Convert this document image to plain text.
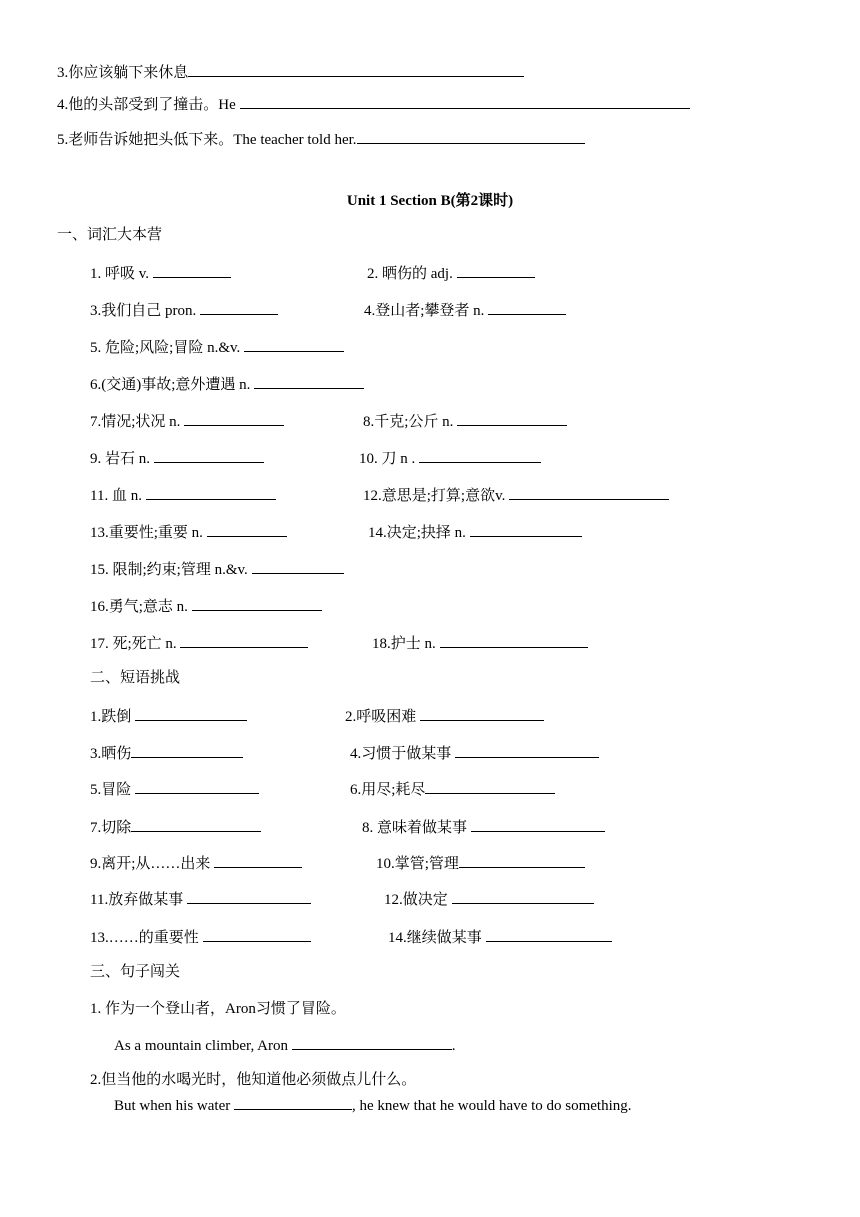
3.你应该躺下来休息
4.他的头部受到了撞击。He
5.老师告诉她把头低下来。The teacher told her.
Unit 1 Section B(第2课时)
一、词汇大本营
1. 呼吸 v.	2. 晒伤的 adj.
3.我们自己 pron.	4.登山者;攀登者 n.
5. 危险;风险;冒险 n.&v.
6.(交通)事故;意外遭遇 n.
7.情况;状况 n.	8.千克;公斤 n.
9. 岩石 n.	10. 刀 n .
11. 血 n.	12.意思是;打算;意欲v.
13.重要性;重要 n.	14.决定;抉择 n.
15. 限制;约束;管理 n.&v.
16.勇气;意志 n.
17. 死;死亡 n.	18.护士 n.
二、短语挑战
1.跌倒	2.呼吸困难
3.晒伤	4.习惯于做某事
5.冒险	6.用尽;耗尽
7.切除	8. 意味着做某事
9.离开;从……出来	10.掌管;管理
11.放弃做某事	12.做决定
13.……的重要性	14.继续做某事
三、句子闯关
1. 作为一个登山者，Aron习惯了冒险。
As a mountain climber, Aron	.
2.但当他的水喝光时，他知道他必须做点儿什么。
But when his water	, he knew that he would have to do something.
